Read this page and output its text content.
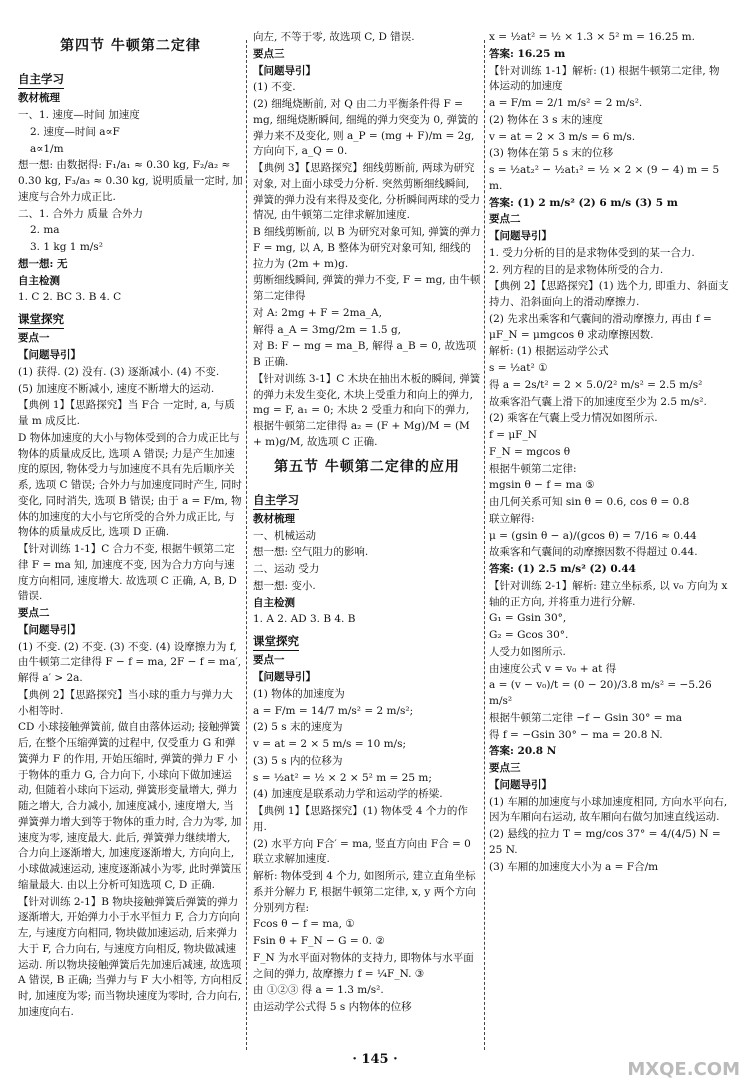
第四节 牛顿第二定律

自主学习

教材梳理

一、1. 速度—时间 加速度

2. 速度—时间 a∝F

a∝1/m

想一想: 由数据得: F₁/a₁ ≈ 0.30 kg, F₂/a₂ ≈ 0.30 kg, F₃/a₃ ≈ 0.30 kg, 说明质量一定时, 加速度与合外力成正比.

二、1. 合外力 质量 合外力

2. ma

3. 1 kg 1 m/s²

想一想: 无

自主检测

1. C 2. BC 3. B 4. C

课堂探究

要点一

【问题导引】

(1) 获得. (2) 没有. (3) 逐渐减小. (4) 不变.

(5) 加速度不断减小, 速度不断增大的运动.

【典例 1】【思路探究】当 F合 一定时, a, 与质量 m 成反比.

D 物体加速度的大小与物体受到的合力成正比与物体的质量成反比, 选项 A 错误; 力是产生加速度的原因, 物体受力与加速度不具有先后顺序关系, 选项 C 错误; 合外力与加速度同时产生, 同时变化, 同时消失, 选项 B 错误; 由于 a = F/m, 物体的加速度的大小与它所受的合外力成正比, 与物体的质量成反比, 选项 D 正确.

【针对训练 1-1】C 合力不变, 根据牛顿第二定律 F = ma 知, 加速度不变, 因为合力方向与速度方向相同, 速度增大. 故选项 C 正确, A, B, D 错误.

要点二

【问题导引】

(1) 不变. (2) 不变. (3) 不变. (4) 设摩擦力为 f, 由牛顿第二定律得 F − f = ma, 2F − f = ma′, 解得 a′ > 2a.

【典例 2】【思路探究】当小球的重力与弹力大小相等时.

CD 小球接触弹簧前, 做自由落体运动; 接触弹簧后, 在整个压缩弹簧的过程中, 仅受重力 G 和弹簧弹力 F 的作用, 开始压缩时, 弹簧的弹力 F 小于物体的重力 G, 合力向下, 小球向下做加速运动, 但随着小球向下运动, 弹簧形变量增大, 弹力随之增大, 合力减小, 加速度减小, 速度增大, 当弹簧弹力增大到等于物体的重力时, 合力为零, 加速度为零, 速度最大. 此后, 弹簧弹力继续增大, 合力向上逐渐增大, 加速度逐渐增大, 方向向上, 小球做减速运动, 速度逐渐减小为零, 此时弹簧压缩量最大. 由以上分析可知选项 C, D 正确.

【针对训练 2-1】B 物块接触弹簧后弹簧的弹力逐渐增大, 开始弹力小于水平恒力 F, 合力方向向左, 与速度方向相同, 物块做加速运动, 后来弹力大于 F, 合力向右, 与速度方向相反, 物块做减速运动. 所以物块接触弹簧后先加速后减速, 故选项 A 错误, B 正确; 当弹力与 F 大小相等, 方向相反时, 加速度为零; 而当物块速度为零时, 合力向右, 加速度向右.

向左, 不等于零, 故选项 C, D 错误.

要点三

【问题导引】

(1) 不变.

(2) 细绳烧断前, 对 Q 由二力平衡条件得 F = mg, 细绳烧断瞬间, 细绳的弹力突变为 0, 弹簧的弹力来不及变化, 则 a_P = (mg + F)/m = 2g, 方向向下, a_Q = 0.

【典例 3】【思路探究】细线剪断前, 两球为研究对象, 对上面小球受力分析. 突然剪断细线瞬间, 弹簧的弹力没有来得及变化, 分析瞬间两球的受力情况, 由牛顿第二定律求解加速度.

B 细线剪断前, 以 B 为研究对象可知, 弹簧的弹力 F = mg, 以 A, B 整体为研究对象可知, 细线的拉力为 (2m + m)g.

剪断细线瞬间, 弹簧的弹力不变, F = mg, 由牛顿第二定律得

对 A: 2mg + F = 2ma_A,

解得 a_A = 3mg/2m = 1.5 g,

对 B: F − mg = ma_B, 解得 a_B = 0, 故选项 B 正确.

【针对训练 3-1】C 木块在抽出木板的瞬间, 弹簧的弹力未发生变化, 木块上受重力和向上的弹力, mg = F, a₁ = 0; 木块 2 受重力和向下的弹力, 根据牛顿第二定律得 a₂ = (F + Mg)/M = (M + m)g/M, 故选项 C 正确.

第五节 牛顿第二定律的应用

自主学习

教材梳理

一、机械运动

想一想: 空气阻力的影响.

二、运动 受力

想一想: 变小.

自主检测

1. A 2. AD 3. B 4. B

课堂探究

要点一

【问题导引】

(1) 物体的加速度为

a = F/m = 14/7 m/s² = 2 m/s²;

(2) 5 s 末的速度为

v = at = 2 × 5 m/s = 10 m/s;

(3) 5 s 内的位移为

s = ½at² = ½ × 2 × 5² m = 25 m;

(4) 加速度是联系动力学和运动学的桥梁.

【典例 1】【思路探究】(1) 物体受 4 个力的作用.

(2) 水平方向 F合′ = ma, 竖直方向由 F合 = 0 联立求解加速度.

解析: 物体受到 4 个力, 如图所示, 建立直角坐标系并分解力 F, 根据牛顿第二定律, x, y 两个方向分别列方程:

Fcos θ − f = ma, ①

Fsin θ + F_N − G = 0. ②

F_N 为水平面对物体的支持力, 即物体与水平面之间的弹力, 故摩擦力 f = ¼F_N. ③

由 ①②③ 得 a = 1.3 m/s².

由运动学公式得 5 s 内物体的位移

x = ½at² = ½ × 1.3 × 5² m = 16.25 m.

答案: 16.25 m

【针对训练 1-1】解析: (1) 根据牛顿第二定律, 物体运动的加速度

a = F/m = 2/1 m/s² = 2 m/s².

(2) 物体在 3 s 末的速度

v = at = 2 × 3 m/s = 6 m/s.

(3) 物体在第 5 s 末的位移

s = ½at₂² − ½at₁² = ½ × 2 × (9 − 4) m = 5 m.

答案: (1) 2 m/s² (2) 6 m/s (3) 5 m

要点二

【问题导引】

1. 受力分析的目的是求物体受到的某一合力.

2. 列方程的目的是求物体所受的合力.

【典例 2】【思路探究】(1) 选个力, 即重力、斜面支持力、沿斜面向上的滑动摩擦力.

(2) 先求出乘客和气囊间的滑动摩擦力, 再由 f = μF_N = μmgcos θ 求动摩擦因数.

解析: (1) 根据运动学公式

s = ½at² ①

得 a = 2s/t² = 2 × 5.0/2² m/s² = 2.5 m/s²

故乘客沿气囊上滑下的加速度至少为 2.5 m/s².

(2) 乘客在气囊上受力情况如图所示.

f = μF_N

F_N = mgcos θ

根据牛顿第二定律:

mgsin θ − f = ma ⑤

由几何关系可知 sin θ = 0.6, cos θ = 0.8

联立解得:

μ = (gsin θ − a)/(gcos θ) = 7/16 ≈ 0.44

故乘客和气囊间的动摩擦因数不得超过 0.44.

答案: (1) 2.5 m/s² (2) 0.44

【针对训练 2-1】解析: 建立坐标系, 以 v₀ 方向为 x 轴的正方向, 并将重力进行分解.

G₁ = Gsin 30°,

G₂ = Gcos 30°.

人受力如图所示.

由速度公式 v = v₀ + at 得

a = (v − v₀)/t = (0 − 20)/3.8 m/s² = −5.26 m/s²

根据牛顿第二定律 −f − Gsin 30° = ma

得 f = −Gsin 30° − ma = 20.8 N.

答案: 20.8 N

要点三

【问题导引】

(1) 车厢的加速度与小球加速度相同, 方向水平向右, 因为车厢向右运动, 故车厢向右做匀加速直线运动.

(2) 悬线的拉力 T = mg/cos 37° = 4/(4/5) N = 25 N.

(3) 车厢的加速度大小为 a = F合/m

· 145 ·	MXQE.COM
